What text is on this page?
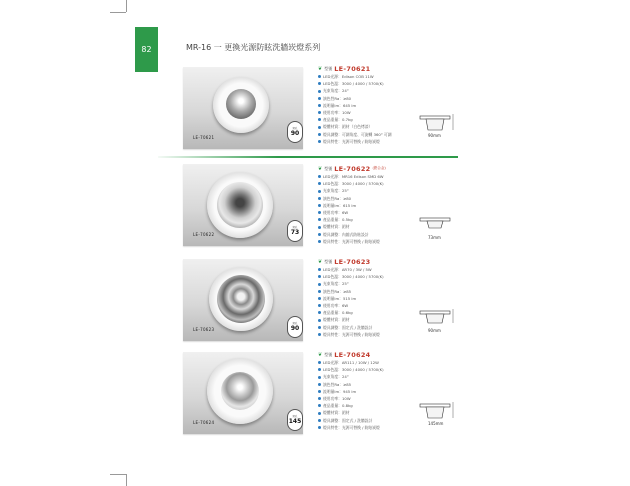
82	MR-16 一 更換光源防眩洗牆崁燈系列
LE-70621
崁孔
90
❦ 型號 LE-70621
LED光源：Edison COB 11W
LED色溫：3000 / 4000 / 5700(K)
光束角度：24°
演色性Ra：≥80
流明量lm：645 lm
使用功率：10W
產品重量：0.7kg
燈體材質：鋁材（白色烤漆）
燈具調整：可調角度、可旋轉 360° 可調
燈具特性：光源可替換 / 防眩崁燈
90mm
LE-70622
崁孔
73
❦ 型號 LE-70622 (鋁合金)
LED光源：MR16 Edison SMD 6W
LED色溫：3000 / 4000 / 5700(K)
光束角度：25°
演色性Ra：≥80
流明量lm：615 lm
使用功率：6W
產品重量：0.5kg
燈體材質：鋁材
燈具調整：內縮式防眩設計
燈具特性：光源可替換 / 防眩崁燈
73mm
LE-70623
崁孔
90
❦ 型號 LE-70623
LED光源：AR70 / 3W / 5W
LED色溫：3000 / 4000 / 5700(K)
光束角度：25°
演色性Ra：≥85
流明量lm：515 lm
使用功率：6W
產品重量：0.6kg
燈體材質：鋁材
燈具調整：固定式 / 洗牆設計
燈具特性：光源可替換 / 防眩崁燈
90mm
LE-70624
崁孔
145
❦ 型號 LE-70624
LED光源：AR111 / 10W / 12W
LED色溫：3000 / 4000 / 5700(K)
光束角度：24°
演色性Ra：≥85
流明量lm：945 lm
使用功率：10W
產品重量：0.8kg
燈體材質：鋁材
燈具調整：固定式 / 洗牆設計
燈具特性：光源可替換 / 防眩崁燈
145mm
